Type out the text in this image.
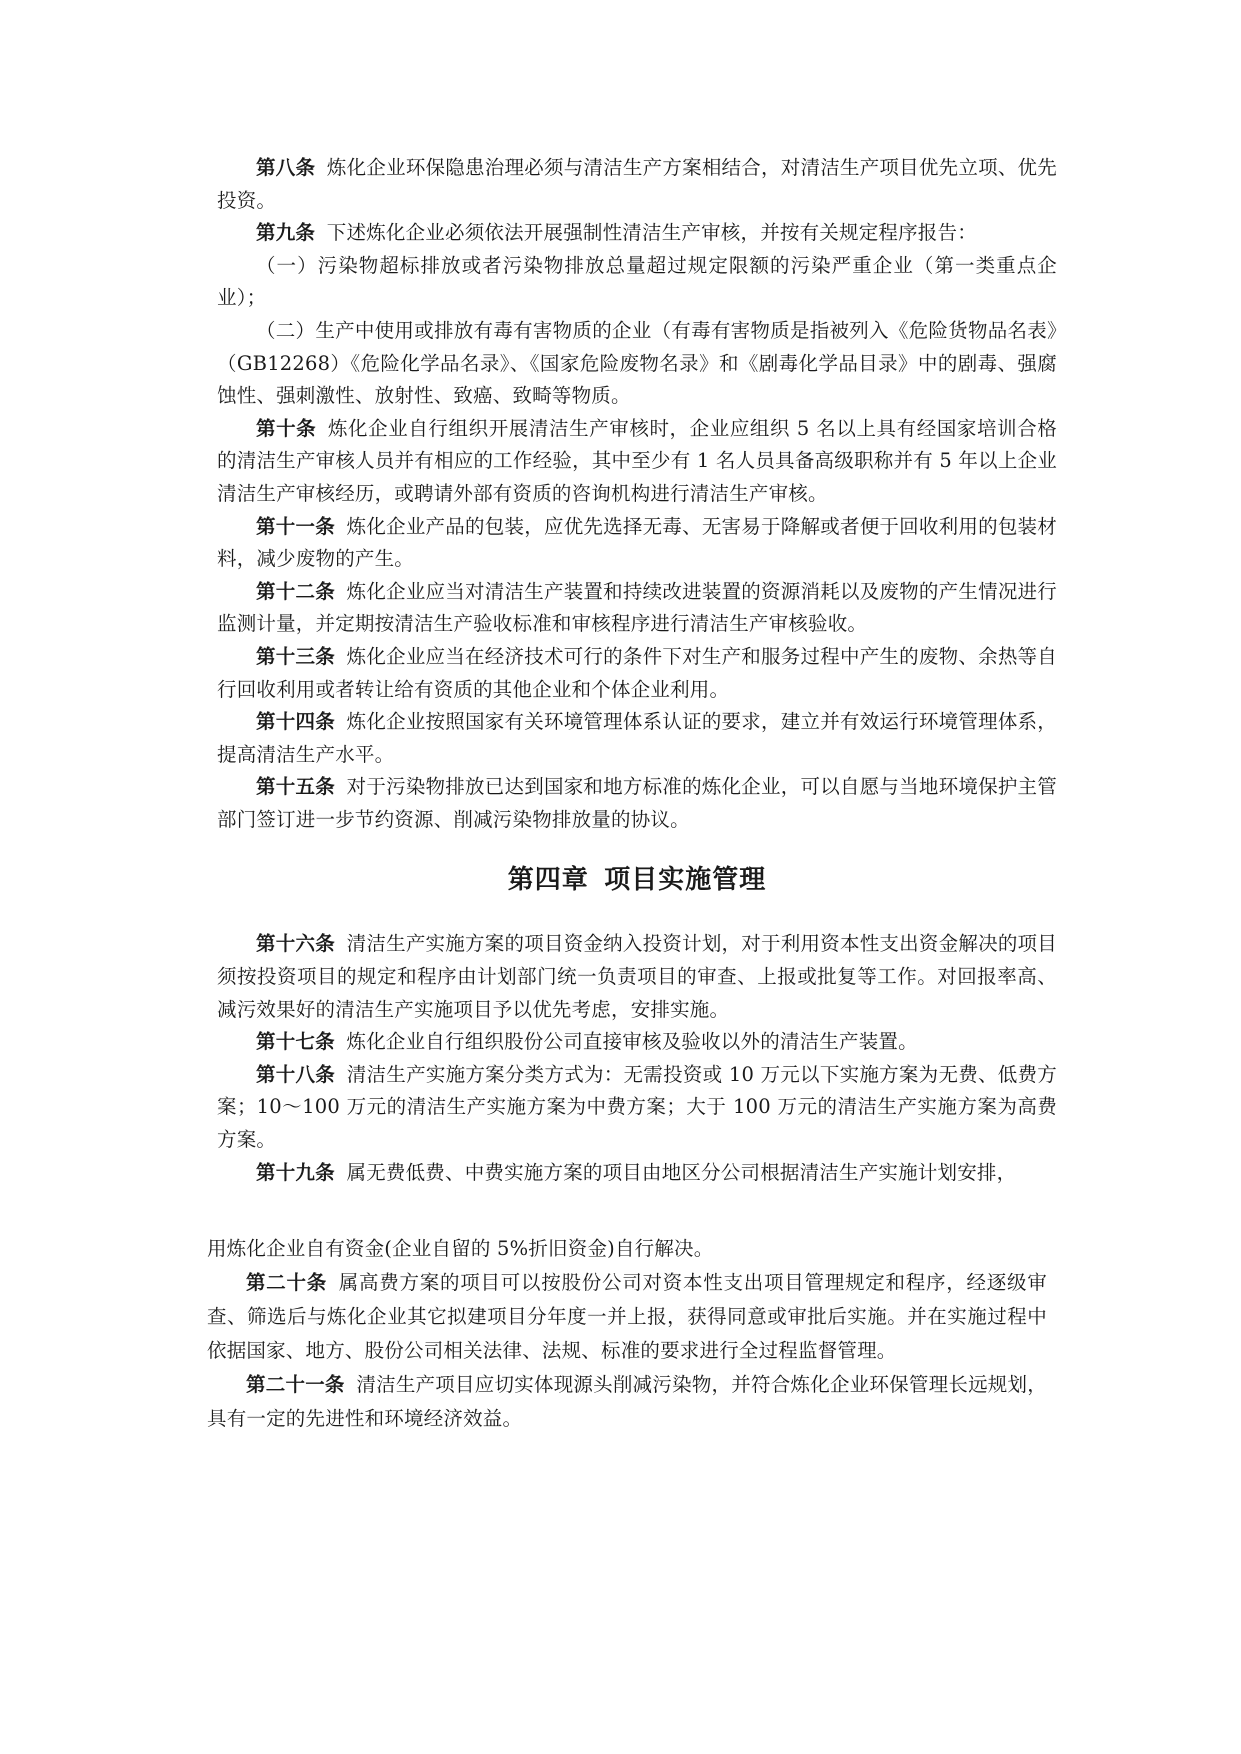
第八条 炼化企业环保隐患治理必须与清洁生产方案相结合，对清洁生产项目优先立项、优先投资。

第九条 下述炼化企业必须依法开展强制性清洁生产审核，并按有关规定程序报告：

（一）污染物超标排放或者污染物排放总量超过规定限额的污染严重企业（第一类重点企业）；

（二）生产中使用或排放有毒有害物质的企业（有毒有害物质是指被列入《危险货物品名表》（GB12268）《危险化学品名录》、《国家危险废物名录》和《剧毒化学品目录》中的剧毒、强腐蚀性、强刺激性、放射性、致癌、致畸等物质。

第十条 炼化企业自行组织开展清洁生产审核时，企业应组织 5 名以上具有经国家培训合格的清洁生产审核人员并有相应的工作经验，其中至少有 1 名人员具备高级职称并有 5 年以上企业清洁生产审核经历，或聘请外部有资质的咨询机构进行清洁生产审核。

第十一条 炼化企业产品的包装，应优先选择无毒、无害易于降解或者便于回收利用的包装材料，减少废物的产生。

第十二条 炼化企业应当对清洁生产装置和持续改进装置的资源消耗以及废物的产生情况进行监测计量，并定期按清洁生产验收标准和审核程序进行清洁生产审核验收。

第十三条 炼化企业应当在经济技术可行的条件下对生产和服务过程中产生的废物、余热等自行回收利用或者转让给有资质的其他企业和个体企业利用。

第十四条 炼化企业按照国家有关环境管理体系认证的要求，建立并有效运行环境管理体系，提高清洁生产水平。

第十五条 对于污染物排放已达到国家和地方标准的炼化企业，可以自愿与当地环境保护主管部门签订进一步节约资源、削减污染物排放量的协议。

第四章 项目实施管理

第十六条 清洁生产实施方案的项目资金纳入投资计划，对于利用资本性支出资金解决的项目须按投资项目的规定和程序由计划部门统一负责项目的审查、上报或批复等工作。对回报率高、减污效果好的清洁生产实施项目予以优先考虑，安排实施。

第十七条 炼化企业自行组织股份公司直接审核及验收以外的清洁生产装置。

第十八条 清洁生产实施方案分类方式为：无需投资或 10 万元以下实施方案为无费、低费方案；10～100 万元的清洁生产实施方案为中费方案；大于 100 万元的清洁生产实施方案为高费方案。

第十九条 属无费低费、中费实施方案的项目由地区分公司根据清洁生产实施计划安排，

用炼化企业自有资金(企业自留的 5%折旧资金)自行解决。

第二十条 属高费方案的项目可以按股份公司对资本性支出项目管理规定和程序，经逐级审查、筛选后与炼化企业其它拟建项目分年度一并上报，获得同意或审批后实施。并在实施过程中依据国家、地方、股份公司相关法律、法规、标准的要求进行全过程监督管理。

第二十一条 清洁生产项目应切实体现源头削减污染物，并符合炼化企业环保管理长远规划，具有一定的先进性和环境经济效益。
